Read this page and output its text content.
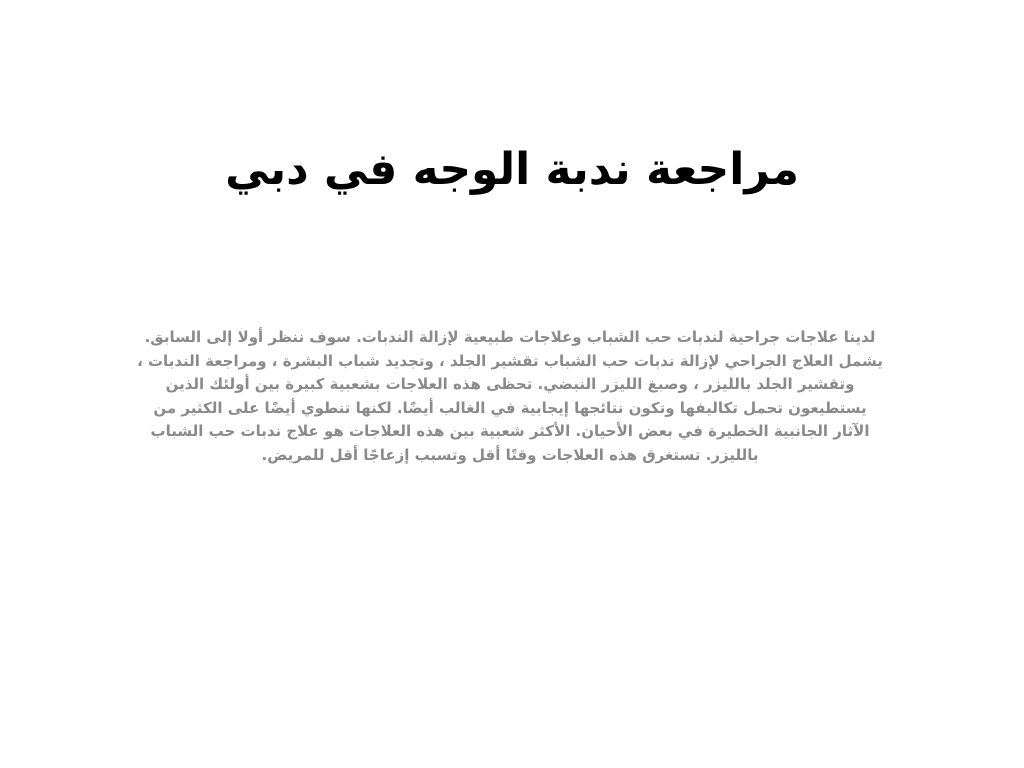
مراجعة ندبة الوجه في دبي
لدينا علاجات جراحية لندبات حب الشباب وعلاجات طبيعية لإزالة الندبات. سوف ننظر أولا إلى السابق.
يشمل العلاج الجراحي لإزالة ندبات حب الشباب تقشير الجلد ، وتجديد شباب البشرة ، ومراجعة الندبات ،
وتقشير الجلد بالليزر ، وصبغ الليزر النبضي. تحظى هذه العلاجات بشعبية كبيرة بين أولئك الذين
يستطيعون تحمل تكاليفها وتكون نتائجها إيجابية في الغالب أيضًا. لكنها تنطوي أيضًا على الكثير من
الآثار الجانبية الخطيرة في بعض الأحيان. الأكثر شعبية بين هذه العلاجات هو علاج ندبات حب الشباب
بالليزر. تستغرق هذه العلاجات وقتًا أقل وتسبب إزعاجًا أقل للمريض.
